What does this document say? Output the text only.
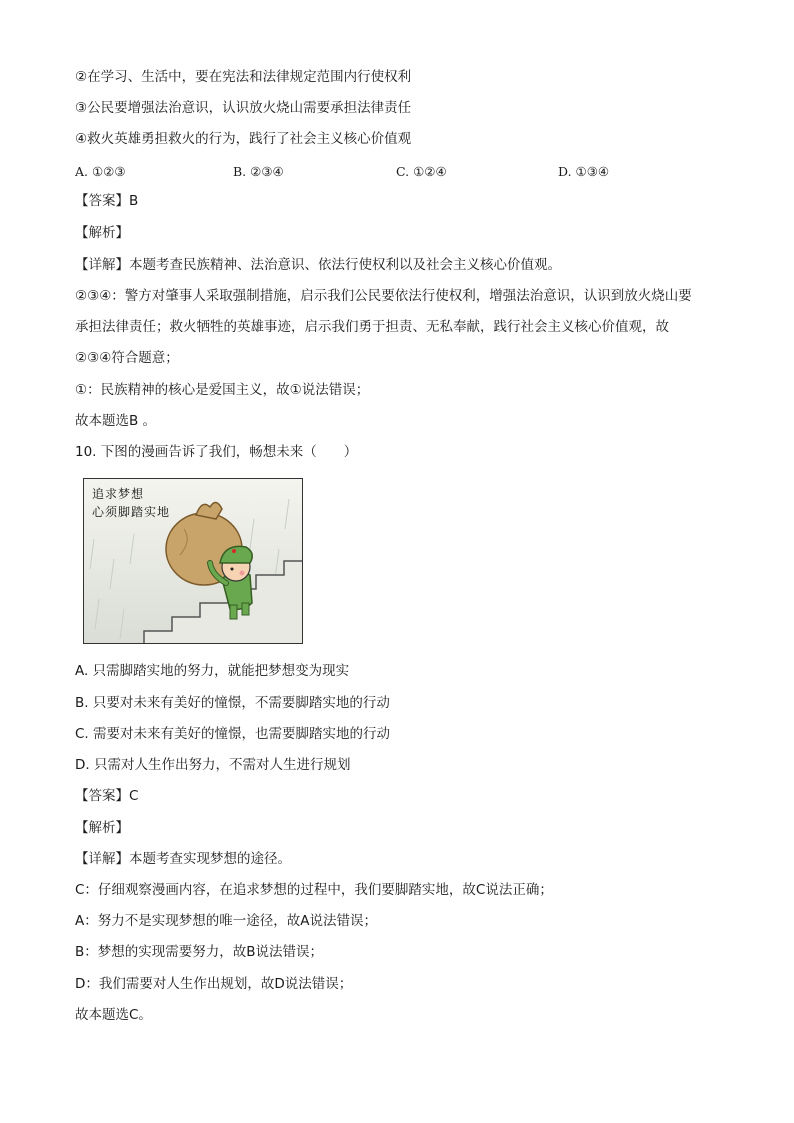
②在学习、生活中，要在宪法和法律规定范围内行使权利
③公民要增强法治意识，认识放火烧山需要承担法律责任
④救火英雄勇担救火的行为，践行了社会主义核心价值观
A. ①②③	B. ②③④	C. ①②④	D. ①③④
【答案】B
【解析】
【详解】本题考查民族精神、法治意识、依法行使权利以及社会主义核心价值观。
②③④：警方对肇事人采取强制措施，启示我们公民要依法行使权利，增强法治意识，认识到放火烧山要
承担法律责任；救火牺牲的英雄事迹，启示我们勇于担责、无私奉献，践行社会主义核心价值观，故
②③④符合题意；
①：民族精神的核心是爱国主义，故①说法错误；
故本题选B 。
10. 下图的漫画告诉了我们，畅想未来（　　）
追求梦想
心须脚踏实地
A. 只需脚踏实地的努力，就能把梦想变为现实
B. 只要对未来有美好的憧憬，不需要脚踏实地的行动
C. 需要对未来有美好的憧憬，也需要脚踏实地的行动
D. 只需对人生作出努力，不需对人生进行规划
【答案】C
【解析】
【详解】本题考查实现梦想的途径。
C：仔细观察漫画内容，在追求梦想的过程中，我们要脚踏实地，故C说法正确；
A：努力不是实现梦想的唯一途径，故A说法错误；
B：梦想的实现需要努力，故B说法错误；
D：我们需要对人生作出规划，故D说法错误；
故本题选C。
